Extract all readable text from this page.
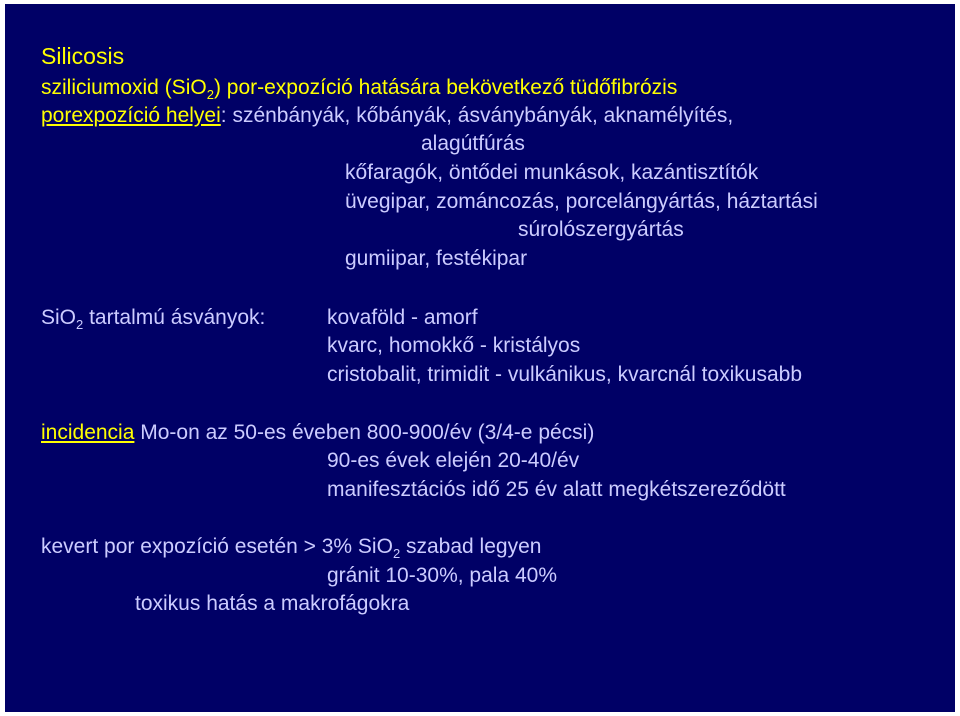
Silicosis
sziliciumoxid (SiO$_2$) por-expozíció hatására bekövetkező tüdőfibrózis
porexpozíció helyei: szénbányák, kőbányák, ásványbányák, aknamélyítés,
alagútfúrás
kőfaragók, öntődei munkások, kazántisztítók
üvegipar, zománcozás, porcelángyártás, háztartási
súrolószergyártás
gumiipar, festékipar
SiO$_2$ tartalmú ásványok:	kovaföld - amorf
kvarc, homokkő - kristályos
cristobalit, trimidit - vulkánikus, kvarcnál toxikusabb
incidencia Mo-on az 50-es éveben 800-900/év (3/4-e pécsi)
90-es évek elején 20-40/év
manifesztációs idő 25 év alatt megkétszereződött
kevert por expozíció esetén > 3% SiO$_2$ szabad legyen
gránit 10-30%, pala 40%
toxikus hatás a makrofágokra
